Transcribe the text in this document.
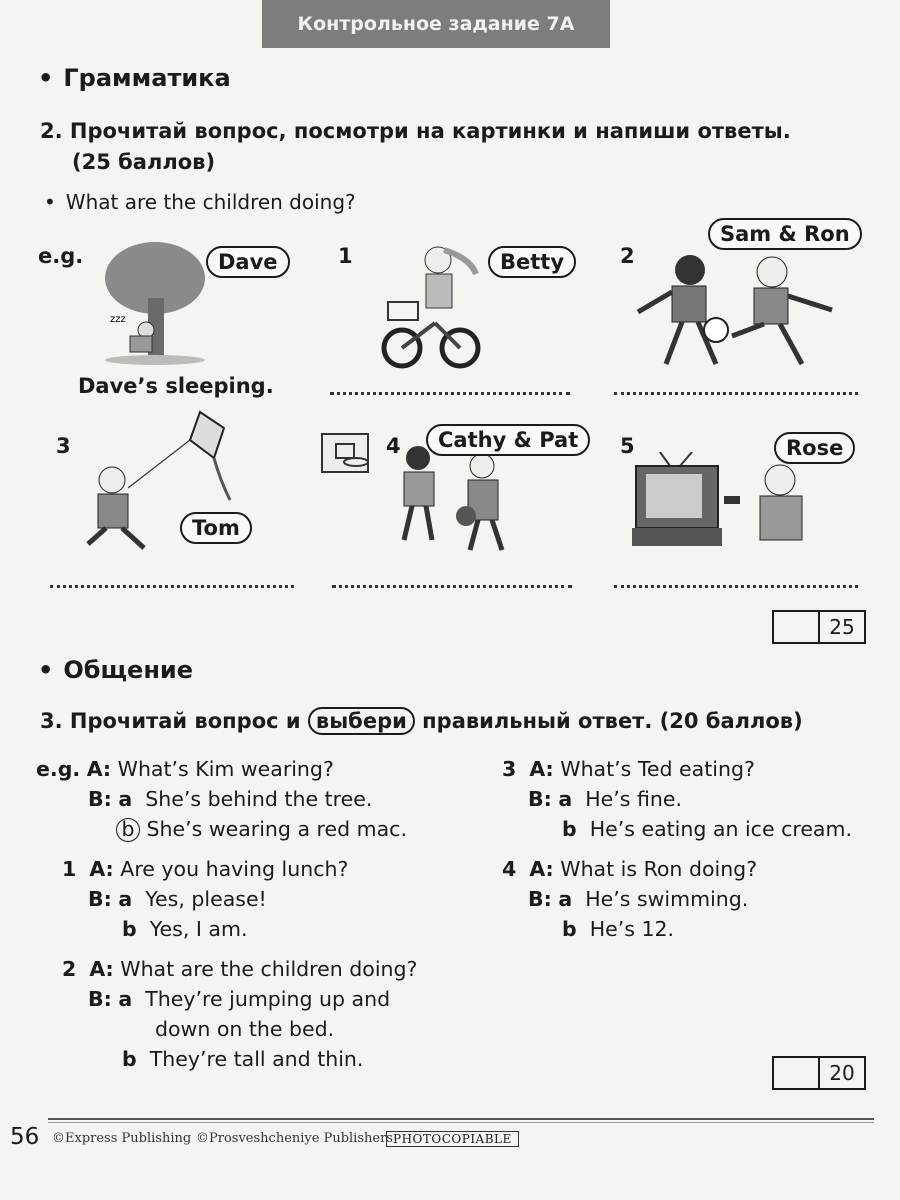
Контрольное задание 7А
• Грамматика
2. Прочитай вопрос, посмотри на картинки и напиши ответы.
(25 баллов)
• What are the children doing?
e.g.
zzz
Dave
Dave’s sleeping.
1	Betty	2
Sam & Ron
3
Tom
4	Cathy & Pat	5	Rose
25
• Общение
3. Прочитай вопрос и выбери правильный ответ. (20 баллов)
e.g. A: What’s Kim wearing?
B: a She’s behind the tree.
b She’s wearing a red mac.
1 A: Are you having lunch?
B: a Yes, please!
b Yes, I am.
2 A: What are the children doing?
B: a They’re jumping up and
down on the bed.
b They’re tall and thin.
3 A: What’s Ted eating?
B: a He’s fine.
b He’s eating an ice cream.
4 A: What is Ron doing?
B: a He’s swimming.
b He’s 12.
20
56 ©Express Publishing ©Prosveshcheniye Publishers PHOTOCOPIABLE
